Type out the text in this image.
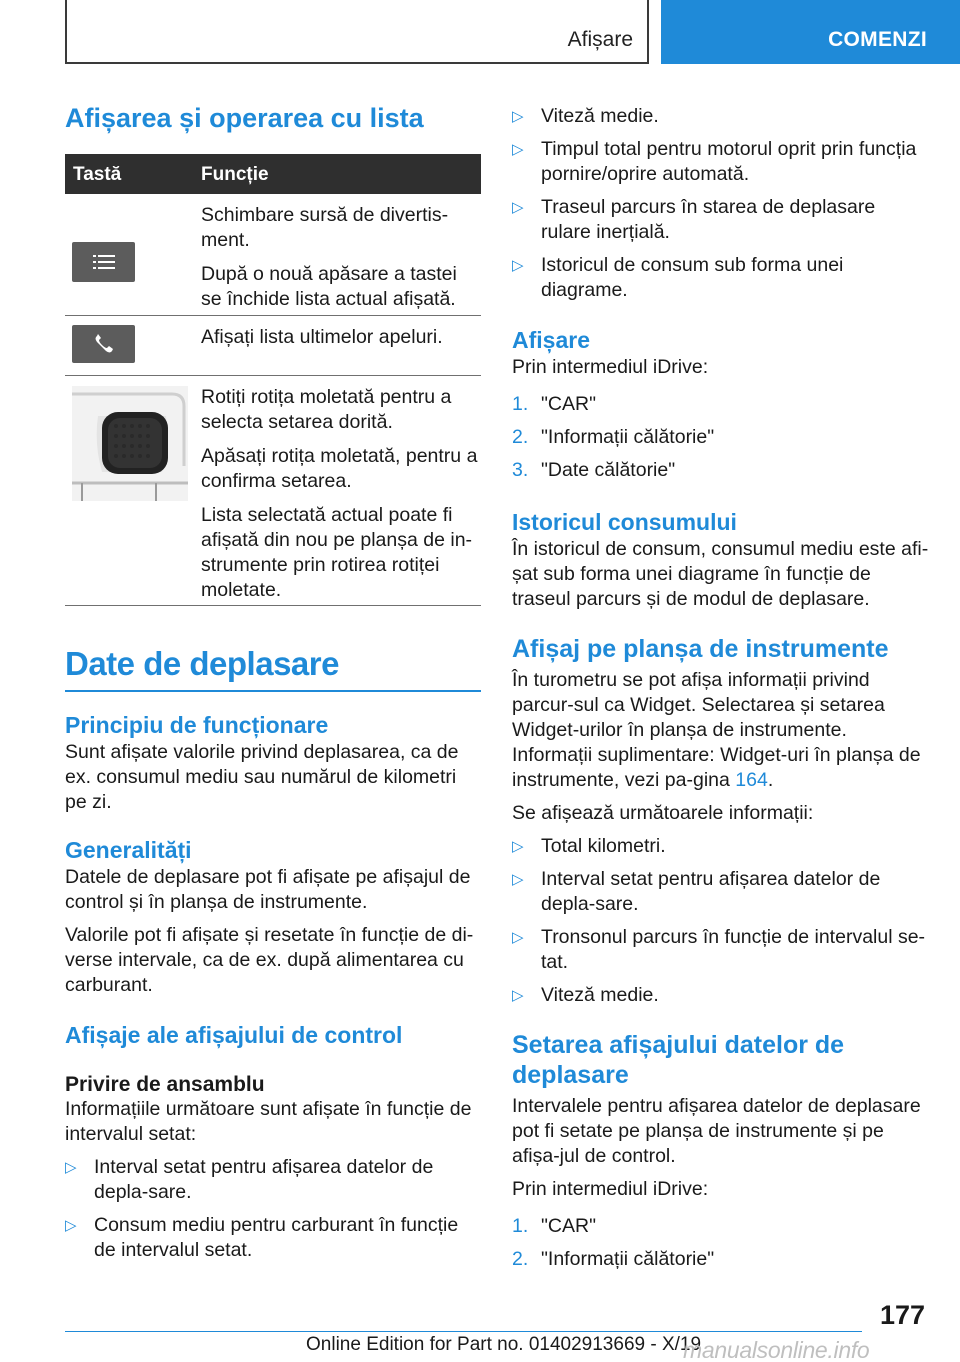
Afișare	COMENZI
Afișarea și operarea cu lista
Tastă	Funcție
Schimbare sursă de divertis-ment.
După o nouă apăsare a tastei se închide lista actual afișată.
Afișați lista ultimelor apeluri.
Rotiți rotița moletată pentru a selecta setarea dorită.
Apăsați rotița moletată, pentru a confirma setarea.
Lista selectată actual poate fi afișată din nou pe planșa de in-strumente prin rotirea rotiței moletate.
Date de deplasare
Principiu de funcționare
Sunt afișate valorile privind deplasarea, ca de ex. consumul mediu sau numărul de kilometri pe zi.
Generalități
Datele de deplasare pot fi afișate pe afișajul de control și în planșa de instrumente.
Valorile pot fi afișate și resetate în funcție de di-verse intervale, ca de ex. după alimentarea cu carburant.
Afișaje ale afișajului de control
Privire de ansamblu
Informațiile următoare sunt afișate în funcție de intervalul setat:
▷ Interval setat pentru afișarea datelor de depla-sare.
▷ Consum mediu pentru carburant în funcție de intervalul setat.
▷ Viteză medie.
▷ Timpul total pentru motorul oprit prin funcția pornire/oprire automată.
▷ Traseul parcurs în starea de deplasare rulare inerțială.
▷ Istoricul de consum sub forma unei diagrame.
Afișare
Prin intermediul iDrive:
1. "CAR"
2. "Informații călătorie"
3. "Date călătorie"
Istoricul consumului
În istoricul de consum, consumul mediu este afi-șat sub forma unei diagrame în funcție de traseul parcurs și de modul de deplasare.
Afișaj pe planșa de instrumente
În turometru se pot afișa informații privind parcur-sul ca Widget. Selectarea și setarea Widget-urilor în planșa de instrumente. Informații suplimentare: Widget-uri în planșa de instrumente, vezi pa-gina 164.
Se afișează următoarele informații:
▷ Total kilometri.
▷ Interval setat pentru afișarea datelor de depla-sare.
▷ Tronsonul parcurs în funcție de intervalul se-tat.
▷ Viteză medie.
Setarea afișajului datelor de deplasare
Intervalele pentru afișarea datelor de deplasare pot fi setate pe planșa de instrumente și pe afișa-jul de control.
Prin intermediul iDrive:
1. "CAR"
2. "Informații călătorie"
177
Online Edition for Part no. 01402913669 - X/19
manualsonline.info
